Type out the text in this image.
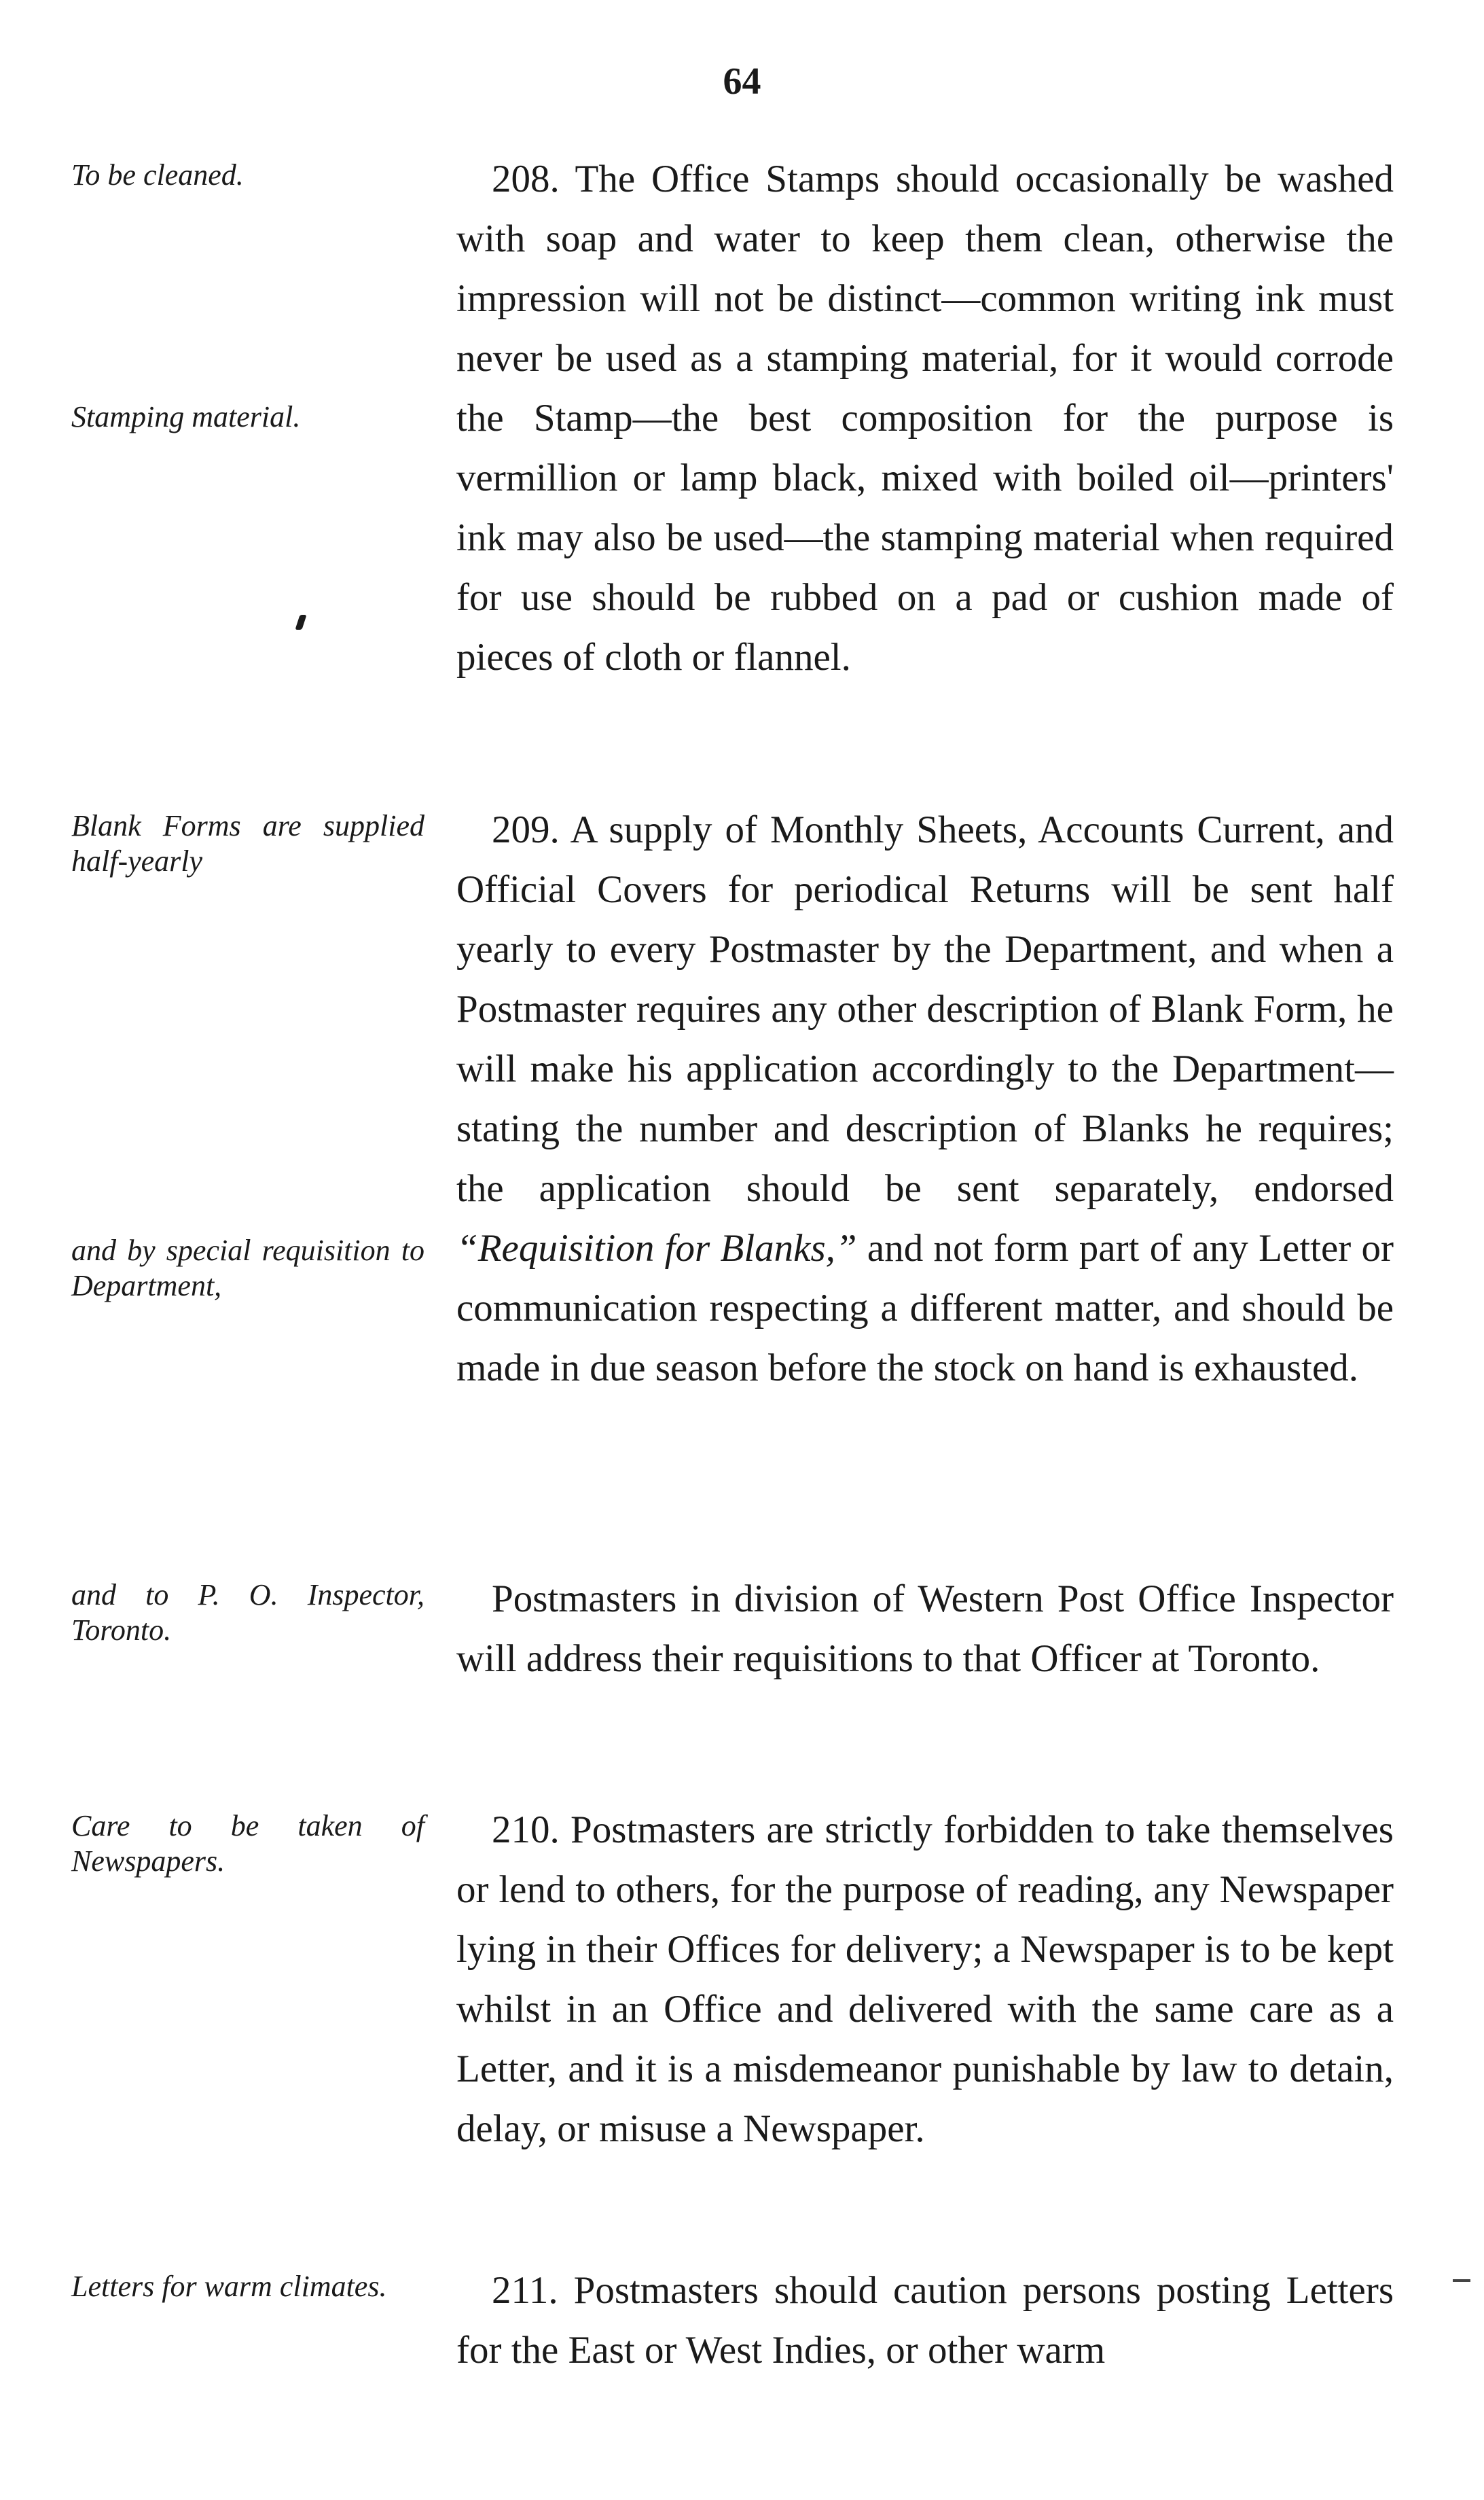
64
To be cleaned.
Stamping material.

208. The Office Stamps should occasionally be washed with soap and water to keep them clean, otherwise the impression will not be distinct—common writing ink must never be used as a stamping material, for it would corrode the Stamp—the best composition for the purpose is vermillion or lamp black, mixed with boiled oil—printers' ink may also be used—the stamping material when required for use should be rubbed on a pad or cushion made of pieces of cloth or flannel.

Blank Forms are supplied half-yearly
and by special requisition to Department,

209. A supply of Monthly Sheets, Accounts Current, and Official Covers for periodical Returns will be sent half yearly to every Postmaster by the Department, and when a Postmaster requires any other description of Blank Form, he will make his application accordingly to the Department—stating the number and description of Blanks he requires; the application should be sent separately, endorsed “Requisition for Blanks,” and not form part of any Letter or communication respecting a different matter, and should be made in due season before the stock on hand is exhausted.

and to P. O. Inspector, Toronto.

Postmasters in division of Western Post Office Inspector will address their requisitions to that Officer at Toronto.

Care to be taken of Newspapers.

210. Postmasters are strictly forbidden to take themselves or lend to others, for the purpose of reading, any Newspaper lying in their Offices for delivery; a Newspaper is to be kept whilst in an Office and delivered with the same care as a Letter, and it is a misdemeanor punishable by law to detain, delay, or misuse a Newspaper.

Letters for warm climates.	211. Postmasters should caution persons posting Letters for the East or West Indies, or other warm
